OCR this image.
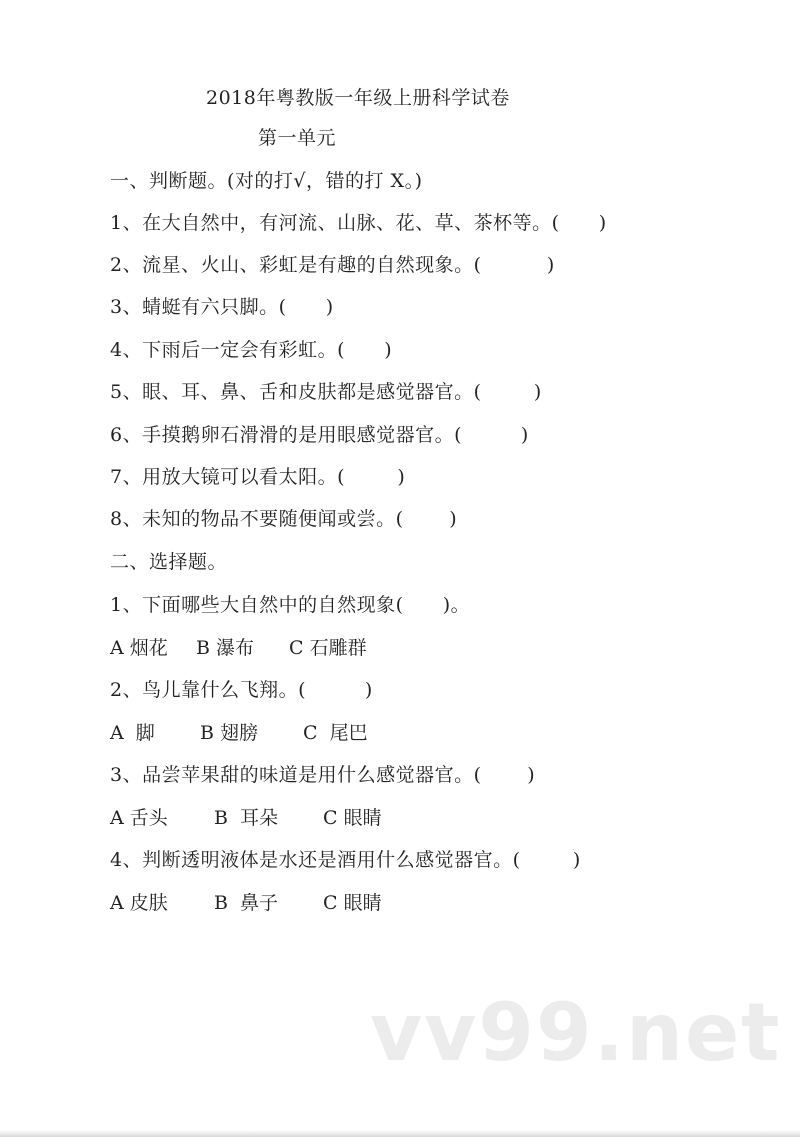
2018年粤教版一年级上册科学试卷
第一单元
一、判断题。(对的打√，错的打 X。)
1、在大自然中，有河流、山脉、花、草、茶杯等。(      )
2、流星、火山、彩虹是有趣的自然现象。(          )
3、蜻蜓有六只脚。(      )
4、下雨后一定会有彩虹。(      )
5、眼、耳、鼻、舌和皮肤都是感觉器官。(        )
6、手摸鹅卵石滑滑的是用眼感觉器官。(         )
7、用放大镜可以看太阳。(        )
8、未知的物品不要随便闻或尝。(       )
二、选择题。
1、下面哪些大自然中的自然现象(      )。
A 烟花 B 瀑布 C 石雕群
2、鸟儿靠什么飞翔。(         )
A  脚 B 翅膀 C  尾巴
3、品尝苹果甜的味道是用什么感觉器官。(       )
A 舌头 B  耳朵 C 眼睛
4、判断透明液体是水还是酒用什么感觉器官。(        )
A 皮肤 B  鼻子 C 眼睛
vv99.net
